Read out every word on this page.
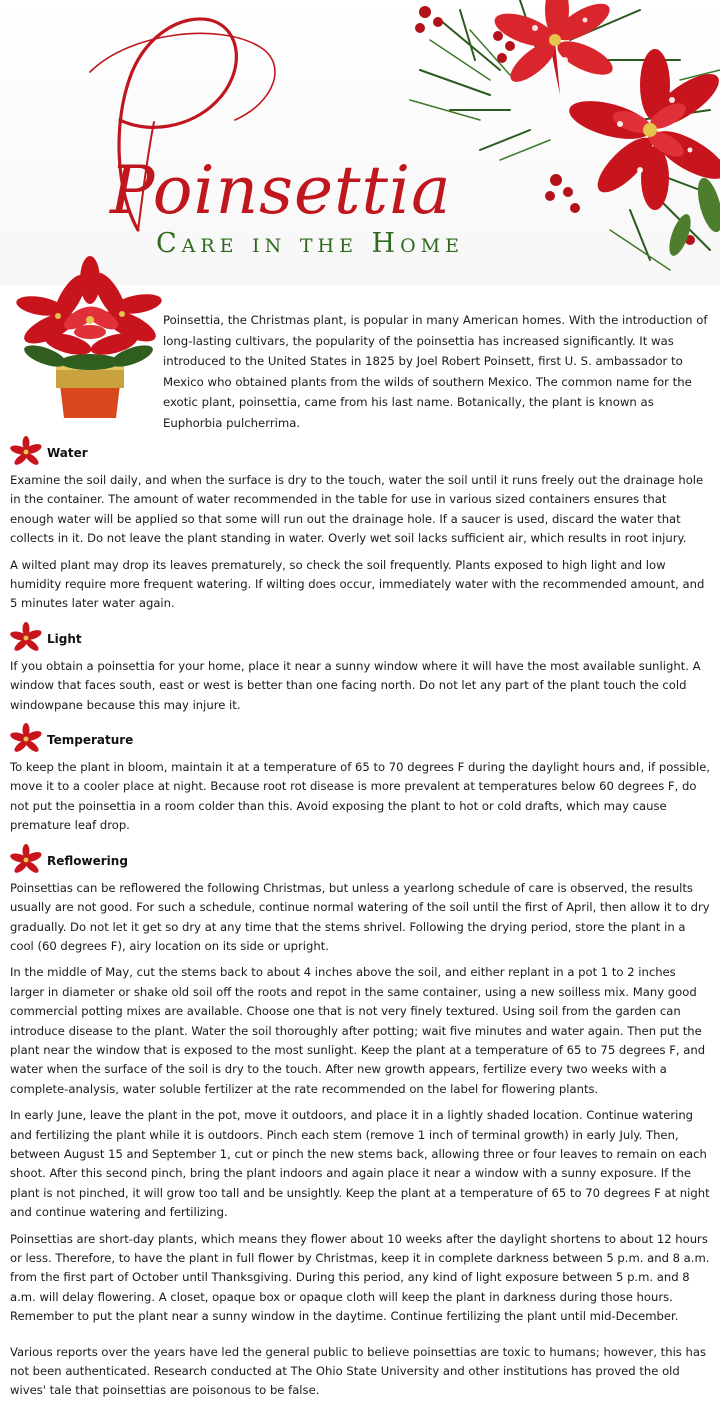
Poinsettia
Care in the Home

Poinsettia, the Christmas plant, is popular in many American homes. With the introduction of long-lasting cultivars, the popularity of the poinsettia has increased significantly. It was introduced to the United States in 1825 by Joel Robert Poinsett, first U. S. ambassador to Mexico who obtained plants from the wilds of southern Mexico. The common name for the exotic plant, poinsettia, came from his last name. Botanically, the plant is known as Euphorbia pulcherrima.

Water

Examine the soil daily, and when the surface is dry to the touch, water the soil until it runs freely out the drainage hole in the container. The amount of water recommended in the table for use in various sized containers ensures that enough water will be applied so that some will run out the drainage hole. If a saucer is used, discard the water that collects in it. Do not leave the plant standing in water. Overly wet soil lacks sufficient air, which results in root injury.

A wilted plant may drop its leaves prematurely, so check the soil frequently. Plants exposed to high light and low humidity require more frequent watering. If wilting does occur, immediately water with the recommended amount, and 5 minutes later water again.

Light

If you obtain a poinsettia for your home, place it near a sunny window where it will have the most available sunlight. A window that faces south, east or west is better than one facing north. Do not let any part of the plant touch the cold windowpane because this may injure it.

Temperature

To keep the plant in bloom, maintain it at a temperature of 65 to 70 degrees F during the daylight hours and, if possible, move it to a cooler place at night. Because root rot disease is more prevalent at temperatures below 60 degrees F, do not put the poinsettia in a room colder than this. Avoid exposing the plant to hot or cold drafts, which may cause premature leaf drop.

Reflowering

Poinsettias can be reflowered the following Christmas, but unless a yearlong schedule of care is observed, the results usually are not good. For such a schedule, continue normal watering of the soil until the first of April, then allow it to dry gradually. Do not let it get so dry at any time that the stems shrivel. Following the drying period, store the plant in a cool (60 degrees F), airy location on its side or upright.

In the middle of May, cut the stems back to about 4 inches above the soil, and either replant in a pot 1 to 2 inches larger in diameter or shake old soil off the roots and repot in the same container, using a new soilless mix. Many good commercial potting mixes are available. Choose one that is not very finely textured. Using soil from the garden can introduce disease to the plant. Water the soil thoroughly after potting; wait five minutes and water again. Then put the plant near the window that is exposed to the most sunlight. Keep the plant at a temperature of 65 to 75 degrees F, and water when the surface of the soil is dry to the touch. After new growth appears, fertilize every two weeks with a complete-analysis, water soluble fertilizer at the rate recommended on the label for flowering plants.

In early June, leave the plant in the pot, move it outdoors, and place it in a lightly shaded location. Continue watering and fertilizing the plant while it is outdoors. Pinch each stem (remove 1 inch of terminal growth) in early July. Then, between August 15 and September 1, cut or pinch the new stems back, allowing three or four leaves to remain on each shoot. After this second pinch, bring the plant indoors and again place it near a window with a sunny exposure. If the plant is not pinched, it will grow too tall and be unsightly. Keep the plant at a temperature of 65 to 70 degrees F at night and continue watering and fertilizing.

Poinsettias are short-day plants, which means they flower about 10 weeks after the daylight shortens to about 12 hours or less. Therefore, to have the plant in full flower by Christmas, keep it in complete darkness between 5 p.m. and 8 a.m. from the first part of October until Thanksgiving. During this period, any kind of light exposure between 5 p.m. and 8 a.m. will delay flowering. A closet, opaque box or opaque cloth will keep the plant in darkness during those hours. Remember to put the plant near a sunny window in the daytime. Continue fertilizing the plant until mid-December.

Various reports over the years have led the general public to believe poinsettias are toxic to humans; however, this has not been authenticated. Research conducted at The Ohio State University and other institutions has proved the old wives' tale that poinsettias are poisonous to be false.
